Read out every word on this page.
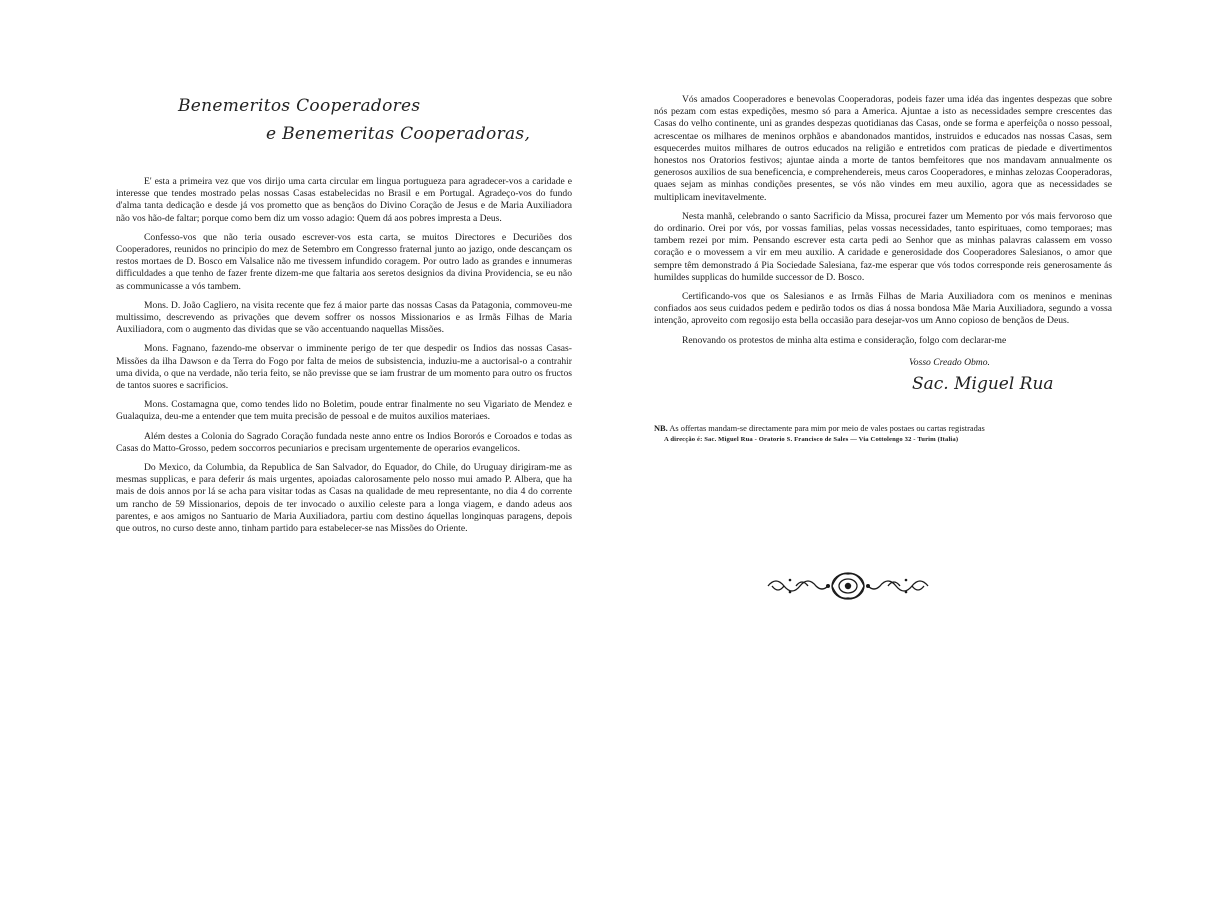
Benemeritos Cooperadores
e Benemeritas Cooperadoras,

E' esta a primeira vez que vos dirijo uma carta circular em lingua portugueza para agradecer-vos a caridade e interesse que tendes mostrado pelas nossas Casas estabelecidas no Brasil e em Portugal. Agradeço-vos do fundo d'alma tanta dedicação e desde já vos prometto que as bençãos do Divino Coração de Jesus e de Maria Auxiliadora não vos hão-de faltar; porque como bem diz um vosso adagio: Quem dá aos pobres impresta a Deus.

Confesso-vos que não teria ousado escrever-vos esta carta, se muitos Directores e Decuriões dos Cooperadores, reunidos no principio do mez de Setembro em Congresso fraternal junto ao jazigo, onde descançam os restos mortaes de D. Bosco em Valsalice não me tivessem infundido coragem. Por outro lado as grandes e innumeras difficuldades a que tenho de fazer frente dizem-me que faltaria aos seretos designios da divina Providencia, se eu não as communicasse a vós tambem.

Mons. D. João Cagliero, na visita recente que fez á maior parte das nossas Casas da Patagonia, commoveu-me multissimo, descrevendo as privações que devem soffrer os nossos Missionarios e as Irmãs Filhas de Maria Auxiliadora, com o augmento das dividas que se vão accentuando naquellas Missões.

Mons. Fagnano, fazendo-me observar o imminente perigo de ter que despedir os Indios das nossas Casas-Missões da ilha Dawson e da Terra do Fogo por falta de meios de subsistencia, induziu-me a auctorisal-o a contrahir uma divida, o que na verdade, não teria feito, se não previsse que se iam frustrar de um momento para outro os fructos de tantos suores e sacrificios.

Mons. Costamagna que, como tendes lido no Boletim, poude entrar finalmente no seu Vigariato de Mendez e Gualaquiza, deu-me a entender que tem muita precisão de pessoal e de muitos auxilios materiaes.

Além destes a Colonia do Sagrado Coração fundada neste anno entre os Indios Bororós e Coroados e todas as Casas do Matto-Grosso, pedem soccorros pecuniarios e precisam urgentemente de operarios evangelicos.

Do Mexico, da Columbia, da Republica de San Salvador, do Equador, do Chile, do Uruguay dirigiram-me as mesmas supplicas, e para deferir ás mais urgentes, apoiadas calorosamente pelo nosso mui amado P. Albera, que ha mais de dois annos por lá se acha para visitar todas as Casas na qualidade de meu representante, no dia 4 do corrente um rancho de 59 Missionarios, depois de ter invocado o auxilio celeste para a longa viagem, e dando adeus aos parentes, e aos amigos no Santuario de Maria Auxiliadora, partiu com destino áquellas longinquas paragens, depois que outros, no curso deste anno, tinham partido para estabelecer-se nas Missões do Oriente.

Vós amados Cooperadores e benevolas Cooperadoras, podeis fazer uma idéa das ingentes despezas que sobre nós pezam com estas expedições, mesmo só para a America. Ajuntae a isto as necessidades sempre crescentes das Casas do velho continente, uni as grandes despezas quotidianas das Casas, onde se forma e aperfeiçôa o nosso pessoal, acrescentae os milhares de meninos orphãos e abandonados mantidos, instruidos e educados nas nossas Casas, sem esquecerdes muitos milhares de outros educados na religião e entretidos com praticas de piedade e divertimentos honestos nos Oratorios festivos; ajuntae ainda a morte de tantos bemfeitores que nos mandavam annualmente os generosos auxilios de sua beneficencia, e comprehendereis, meus caros Cooperadores, e minhas zelozas Cooperadoras, quaes sejam as minhas condições presentes, se vós não vindes em meu auxilio, agora que as necessidades se multiplicam inevitavelmente.

Nesta manhã, celebrando o santo Sacrificio da Missa, procurei fazer um Memento por vós mais fervoroso que do ordinario. Orei por vós, por vossas familias, pelas vossas necessidades, tanto espirituaes, como temporaes; mas tambem rezei por mim. Pensando escrever esta carta pedi ao Senhor que as minhas palavras calassem em vosso coração e o movessem a vir em meu auxilio. A caridade e generosidade dos Cooperadores Salesianos, o amor que sempre têm demonstrado á Pia Sociedade Salesiana, faz-me esperar que vós todos corresponde reis generosamente ás humildes supplicas do humilde successor de D. Bosco.

Certificando-vos que os Salesianos e as Irmãs Filhas de Maria Auxiliadora com os meninos e meninas confiados aos seus cuidados pedem e pedirão todos os dias á nossa bondosa Mãe Maria Auxiliadora, segundo a vossa intenção, aproveito com regosijo esta bella occasião para desejar-vos um Anno copioso de bençãos de Deus.

Renovando os protestos de minha alta estima e consideração, folgo com declarar-me

Vosso Creado Obmo.
Sac. Miguel Rua
NB. As offertas mandam-se directamente para mim por meio de vales postaes ou cartas registradas
A direcção é: Sac. Miguel Rua - Oratorio S. Francisco de Sales — Via Cottolengo 32 - Turim (Italia)
